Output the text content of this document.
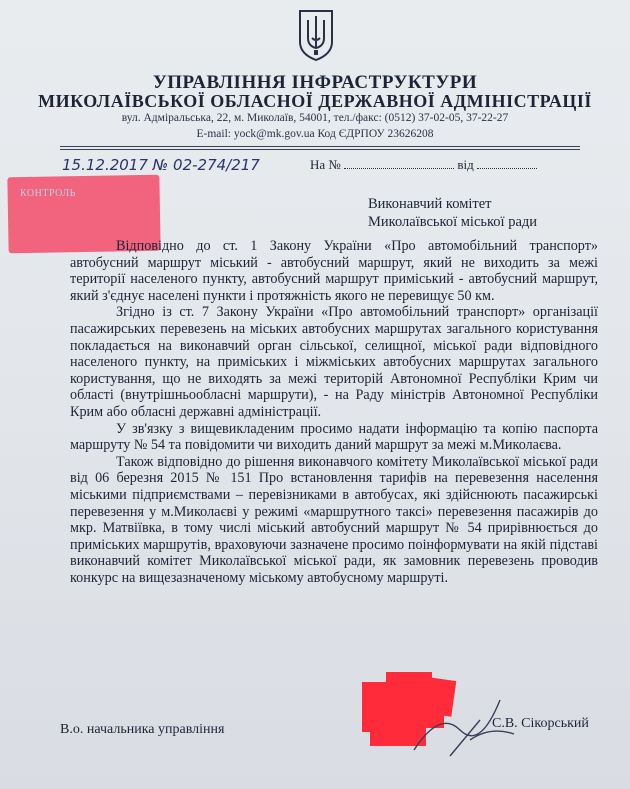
УПРАВЛІННЯ ІНФРАСТРУКТУРИ
МИКОЛАЇВСЬКОЇ ОБЛАСНОЇ ДЕРЖАВНОЇ АДМІНІСТРАЦІЇ
вул. Адміральська, 22, м. Миколаїв, 54001, тел./факс: (0512) 37-02-05, 37-22-27
E-mail: yock@mk.gov.ua Код ЄДРПОУ 23626208
15.12.2017 № 02-274/217	На №	від
КОНТРОЛЬ
Виконавчий комітет
Миколаївської міської ради

Відповідно до ст. 1 Закону України «Про автомобільний транспорт» автобусний маршрут міський - автобусний маршрут, який не виходить за межі території населеного пункту, автобусний маршрут приміський - автобусний маршрут, який з'єднує населені пункти і протяжність якого не перевищує 50 км.

Згідно із ст. 7 Закону України «Про автомобільний транспорт» організації пасажирських перевезень на міських автобусних маршрутах загального користування покладається на виконавчий орган сільської, селищної, міської ради відповідного населеного пункту, на приміських і міжміських автобусних маршрутах загального користування, що не виходять за межі територій Автономної Республіки Крим чи області (внутрішньообласні маршрути), - на Раду міністрів Автономної Республіки Крим або обласні державні адміністрації.

У зв'язку з вищевикладеним просимо надати інформацію та копію паспорта маршруту № 54 та повідомити чи виходить даний маршрут за межі м.Миколаєва.

Також відповідно до рішення виконавчого комітету Миколаївської міської ради від 06 березня 2015 № 151 Про встановлення тарифів на перевезення населення міськими підприємствами – перевізниками в автобусах, які здійснюють пасажирські перевезення у м.Миколаєві у режимі «маршрутного таксі» перевезення пасажирів до мкр. Матвіївка, в тому числі міський автобусний маршрут № 54 прирівнюється до приміських маршрутів, враховуючи зазначене просимо поінформувати на якій підставі виконавчий комітет Миколаївської міської ради, як замовник перевезень проводив конкурс на вищезазначеному міському автобусному маршруті.

В.о. начальника управління	С.В. Сікорський
